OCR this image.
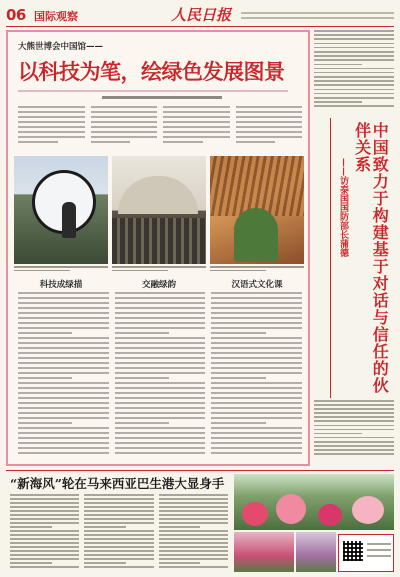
06 国际观察	人民日报
大熊世博会中国馆——
以科技为笔，绘绿色发展图景
科技成绿描	交融绿韵	汉语式文化课	中国致力于构建基于对话与信任的伙伴关系
——访泰国国防部长蒲德
“新海风”轮在马来西亚巴生港大显身手
